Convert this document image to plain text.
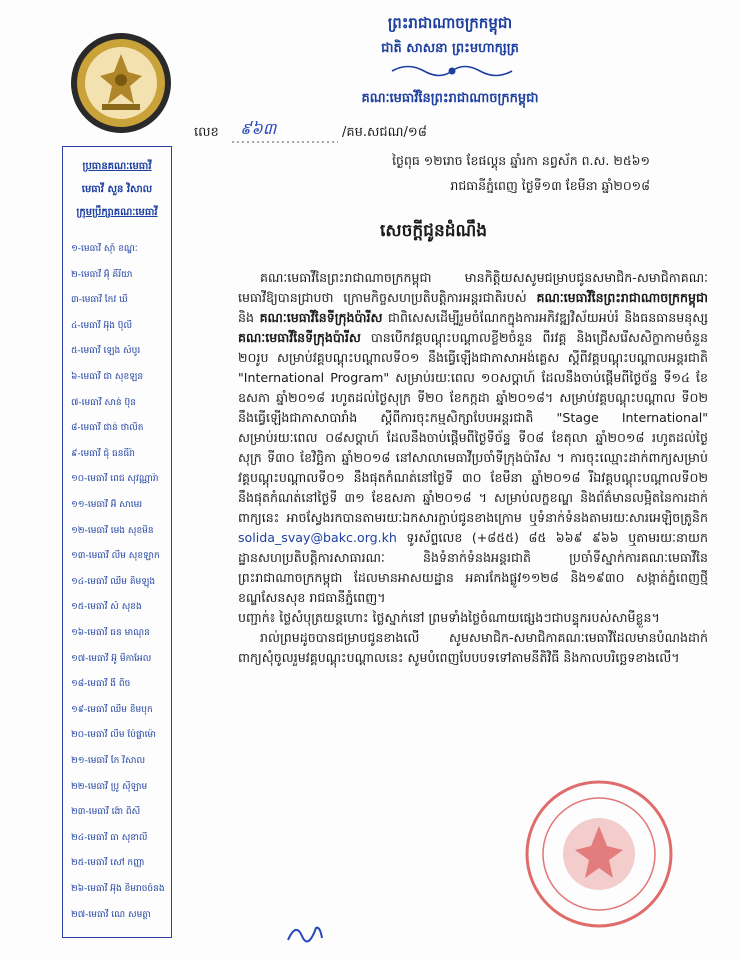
ព្រះរាជាណាចក្រកម្ពុជា
ជាតិ សាសនា ព្រះមហាក្សត្រ
គណៈមេធាវីនៃព្រះរាជាណាចក្រកម្ពុជា
លេខ ៩៦៣	/គម.សជណ/១៨
ថ្ងៃពុធ ១២រោច ខែផល្គុន ឆ្នាំរកា នព្វស័ក ព.ស. ២៥៦១
រាជធានីភ្នំពេញ ថ្ងៃទី១៣ ខែមីនា ឆ្នាំ២០១៨
សេចក្តីជូនដំណឹង
ប្រធានគណៈមេធាវី
មេធាវី សួន វិសាល
ក្រុមប្រឹក្សាគណៈមេធាវី
១-មេធាវី ស៊ាំ ខណ្ឌៈ
២-មេធាវី អ៊ុំ គីរីយា
៣-មេធាវី កែវ ឃី
៤-មេធាវី អ៊ុង ប៊ុលី
៥-មេធាវី ឡេង សំបូរ
៦-មេធាវី ជា សុខឡន
៧-មេធាវី សាន់ ប៊ុន
៨-មេធាវី ជាន់ ថាលិត
៩-មេធាវី ជុំ ធនធីរ៉ា
១០-មេធាវី ពេជ សុវណ្ណារ៉ា
១១-មេធាវី អ៊ឺ សាមេរ
១២-មេធាវី មេង សុខមិន
១៣-មេធាវី លីម សុខឡាក
១៤-មេធាវី ឈឹម គិមឡុង
១៥-មេធាវី សំ សុខង
១៦-មេធាវី ធន មាណុន
១៧-មេធាវី អ៊ូ មីកាអែល
១៨-មេធាវី ងី ពិច
១៩-មេធាវី ឈឹម ខិមបុក
២០-មេធាវី លឹម ប៉ែផ្លាម៉ោ
២១-មេធាវី កែ វិសាល
២២-មេធាវី ប្រូ ស៊ីឡាម
២៣-មេធាវី ង៉ោ ពិសី
២៤-មេធាវី ធា សុខាលី
២៥-មេធាវី សៅ កញ្ញា
២៦-មេធាវី អ៊ុង ខិមរាចចំនង
២៧-មេធាវី ណេ សមត្ថា

គណៈមេធាវីនៃព្រះរាជាណាចក្រកម្ពុជា មានកិត្តិយសសូមជម្រាបជូនសមាជិក-សមាជិកាគណៈមេធាវីឱ្យបានជ្រាបថា ក្រោមកិច្ចសហប្រតិបត្តិការអន្តរជាតិរបស់ គណៈមេធាវីនៃព្រះរាជាណាចក្រកម្ពុជា និង គណៈមេធាវីនៃទីក្រុងប៉ារីស ជាពិសេសដើម្បីរួមចំណែកក្នុងការអភិវឌ្ឍវិស័យអប់រំ និងធនធានមនុស្ស គណៈមេធាវីនៃទីក្រុងប៉ារីស បានបើកវគ្គបណ្តុះបណ្តាលខ្លី២ចំនួន ពីរវគ្គ និងជ្រើសរើសសិក្ខាកាមចំនួន ២០រូប សម្រាប់វគ្គបណ្តុះបណ្តាលទី០១ នឹងធ្វើឡើងជាភាសាអង់គ្លេស ស្តីពីវគ្គបណ្តុះបណ្តាលអន្តរជាតិ "International Program" សម្រាប់រយៈពេល ១០សប្តាហ៍ ដែលនឹងចាប់ផ្តើមពីថ្ងៃច័ន្ទ ទី១៤ ខែឧសភា ឆ្នាំ២០១៨ រហូតដល់ថ្ងៃសុក្រ ទី២០ ខែកក្កដា ឆ្នាំ២០១៨។ សម្រាប់វគ្គបណ្តុះបណ្តាល ទី០២ នឹងធ្វើឡើងជាភាសាបារាំង ស្តីពីការចុះកម្មសិក្សាបែបអន្តរជាតិ "Stage International" សម្រាប់រយៈពេល ០៨សប្តាហ៍ ដែលនឹងចាប់ផ្តើមពីថ្ងៃទីច័ន្ទ ទី០៨ ខែតុលា ឆ្នាំ២០១៨ រហូតដល់ថ្ងៃសុក្រ ទី៣០ ខែវិច្ឆិកា ឆ្នាំ២០១៨ នៅសាលាមេធាវីប្រចាំទីក្រុងប៉ារីស ។ ការចុះឈ្មោះដាក់ពាក្យសម្រាប់វគ្គបណ្តុះបណ្តាលទី០១ នឹងផុតកំណត់នៅថ្ងៃទី ៣០ ខែមីនា ឆ្នាំ២០១៨ រីឯវគ្គបណ្តុះបណ្តាលទី០២ នឹងផុតកំណត់នៅថ្ងៃទី ៣១ ខែឧសភា ឆ្នាំ២០១៨ ។ សម្រាប់លក្ខខណ្ឌ និងព័ត៌មានលម្អិតនៃការដាក់ពាក្យនេះ អាចស្វែងរកបានតាមរយៈឯកសារភ្ជាប់ជូនខាងក្រោម ឬទំនាក់ទំនងតាមរយៈសារអេឡិចត្រូនិក solida_svay@bakc.org.kh ទូរស័ព្ទលេខ (+៨៥៥) ៨៥ ៦៦៩ ៩៦៦ ឬតាមរយៈនាយកដ្ឋានសហប្រតិបត្តិការសាធារណៈ និងទំនាក់ទំនងអន្តរជាតិ ប្រចាំទីស្នាក់ការគណៈមេធាវីនៃព្រះរាជាណាចក្រកម្ពុជា ដែលមានអាសយដ្ឋាន អគារកែងផ្លូវ១១២៨ និង១៩៣០ សង្កាត់ភ្នំពេញថ្មី ខណ្ឌសែនសុខ រាជធានីភ្នំពេញ។

បញ្ជាក់៖ ថ្លៃសំបុត្រយន្តហោះ ថ្លៃស្នាក់នៅ ព្រមទាំងថ្លៃចំណាយផ្សេងៗជាបន្ទុករបស់សាមីខ្លួន។

រាល់ព្រមដូចបានជម្រាបជូនខាងលើ សូមសមាជិក-សមាជិកាគណៈមេធាវីដែលមានបំណងដាក់ពាក្យសុំចូលរួមវគ្គបណ្តុះបណ្តាលនេះ សូមបំពេញបែបបទទៅតាមនីតិវិធី និងកាលបរិច្ឆេទខាងលើ។
